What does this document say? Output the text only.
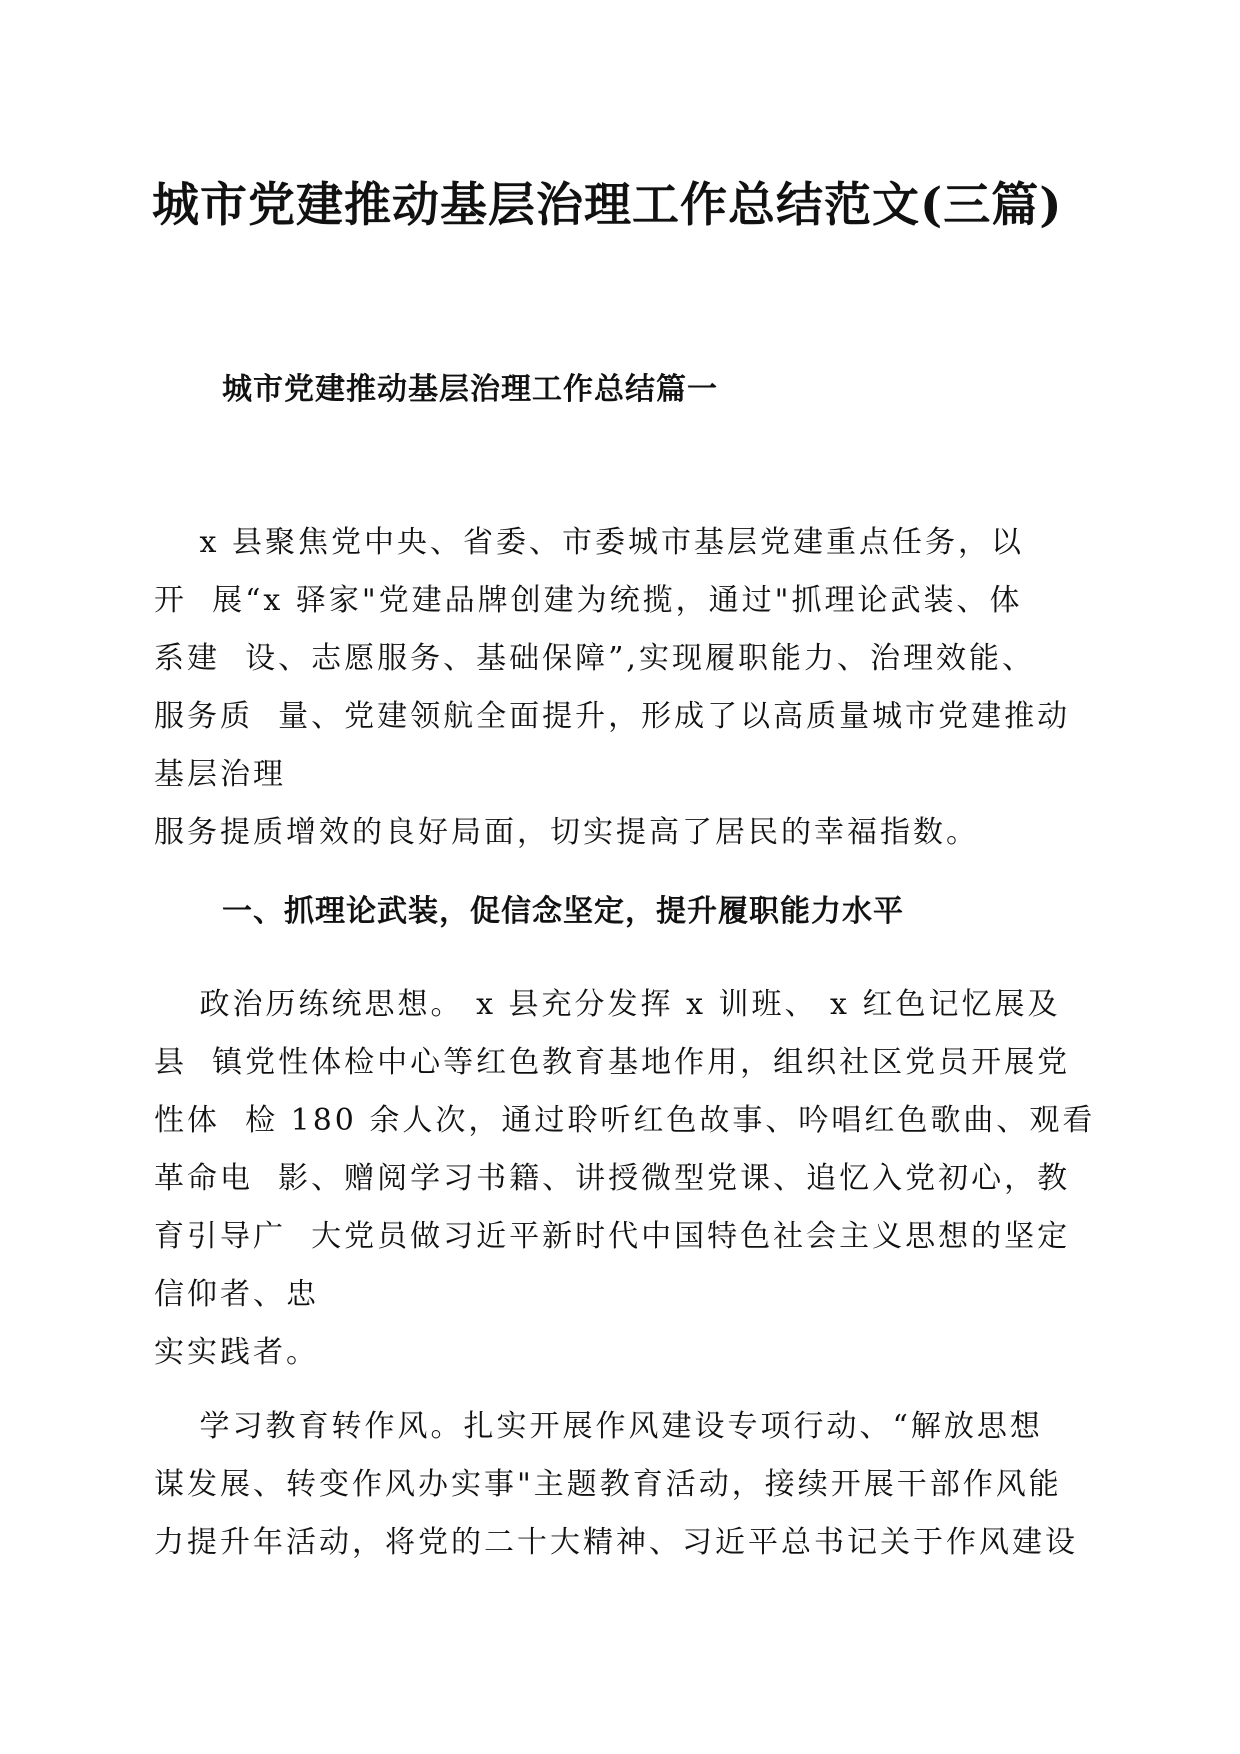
城市党建推动基层治理工作总结范文(三篇)
城市党建推动基层治理工作总结篇一
　 x 县聚焦党中央、省委、市委城市基层党建重点任务，以
开  展“x 驿家"党建品牌创建为统揽，通过"抓理论武装、体
系建  设、志愿服务、基础保障”,实现履职能力、治理效能、
服务质  量、党建领航全面提升，形成了以高质量城市党建推动
基层治理
服务提质增效的良好局面，切实提高了居民的幸福指数。
一、抓理论武装，促信念坚定，提升履职能力水平
　 政治历练统思想。 x 县充分发挥 x 训班、 x 红色记忆展及
县  镇党性体检中心等红色教育基地作用，组织社区党员开展党
性体  检 180 余人次，通过聆听红色故事、吟唱红色歌曲、观看
革命电  影、赠阅学习书籍、讲授微型党课、追忆入党初心，教
育引导广  大党员做习近平新时代中国特色社会主义思想的坚定
信仰者、忠
实实践者。
　 学习教育转作风。扎实开展作风建设专项行动、“解放思想
谋发展、转变作风办实事"主题教育活动，接续开展干部作风能
力提升年活动，将党的二十大精神、习近平总书记关于作风建设
